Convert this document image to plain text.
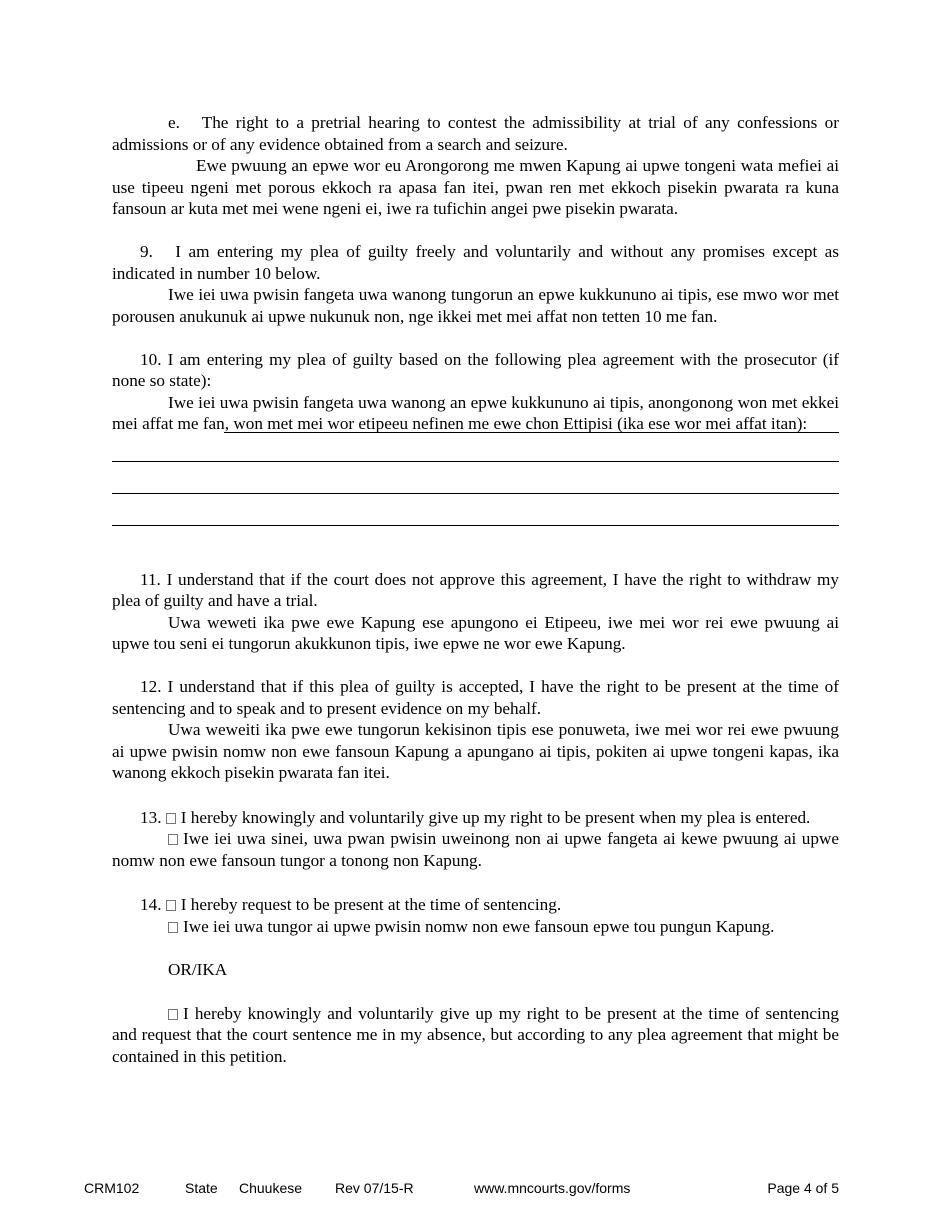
e. The right to a pretrial hearing to contest the admissibility at trial of any confessions or admissions or of any evidence obtained from a search and seizure.

Ewe pwuung an epwe wor eu Arongorong me mwen Kapung ai upwe tongeni wata mefiei ai use tipeeu ngeni met porous ekkoch ra apasa fan itei, pwan ren met ekkoch pisekin pwarata ra kuna fansoun ar kuta met mei wene ngeni ei, iwe ra tufichin angei pwe pisekin pwarata.

9. I am entering my plea of guilty freely and voluntarily and without any promises except as indicated in number 10 below.

Iwe iei uwa pwisin fangeta uwa wanong tungorun an epwe kukkununo ai tipis, ese mwo wor met porousen anukunuk ai upwe nukunuk non, nge ikkei met mei affat non tetten 10 me fan.

10. I am entering my plea of guilty based on the following plea agreement with the prosecutor (if none so state):

Iwe iei uwa pwisin fangeta uwa wanong an epwe kukkununo ai tipis, anongonong won met ekkei mei affat me fan, won met mei wor etipeeu nefinen me ewe chon Ettipisi (ika ese wor mei affat itan):

11. I understand that if the court does not approve this agreement, I have the right to withdraw my plea of guilty and have a trial.

Uwa weweti ika pwe ewe Kapung ese apungono ei Etipeeu, iwe mei wor rei ewe pwuung ai upwe tou seni ei tungorun akukkunon tipis, iwe epwe ne wor ewe Kapung.

12. I understand that if this plea of guilty is accepted, I have the right to be present at the time of sentencing and to speak and to present evidence on my behalf.

Uwa weweiti ika pwe ewe tungorun kekisinon tipis ese ponuweta, iwe mei wor rei ewe pwuung ai upwe pwisin nomw non ewe fansoun Kapung a apungano ai tipis, pokiten ai upwe tongeni kapas, ika wanong ekkoch pisekin pwarata fan itei.

13. I hereby knowingly and voluntarily give up my right to be present when my plea is entered.

Iwe iei uwa sinei, uwa pwan pwisin uweinong non ai upwe fangeta ai kewe pwuung ai upwe nomw non ewe fansoun tungor a tonong non Kapung.

14. I hereby request to be present at the time of sentencing.

Iwe iei uwa tungor ai upwe pwisin nomw non ewe fansoun epwe tou pungun Kapung.

OR/IKA

I hereby knowingly and voluntarily give up my right to be present at the time of sentencing and request that the court sentence me in my absence, but according to any plea agreement that might be contained in this petition.

CRM102	State Chuukese Rev 07/15-R	www.mncourts.gov/forms	Page 4 of 5
